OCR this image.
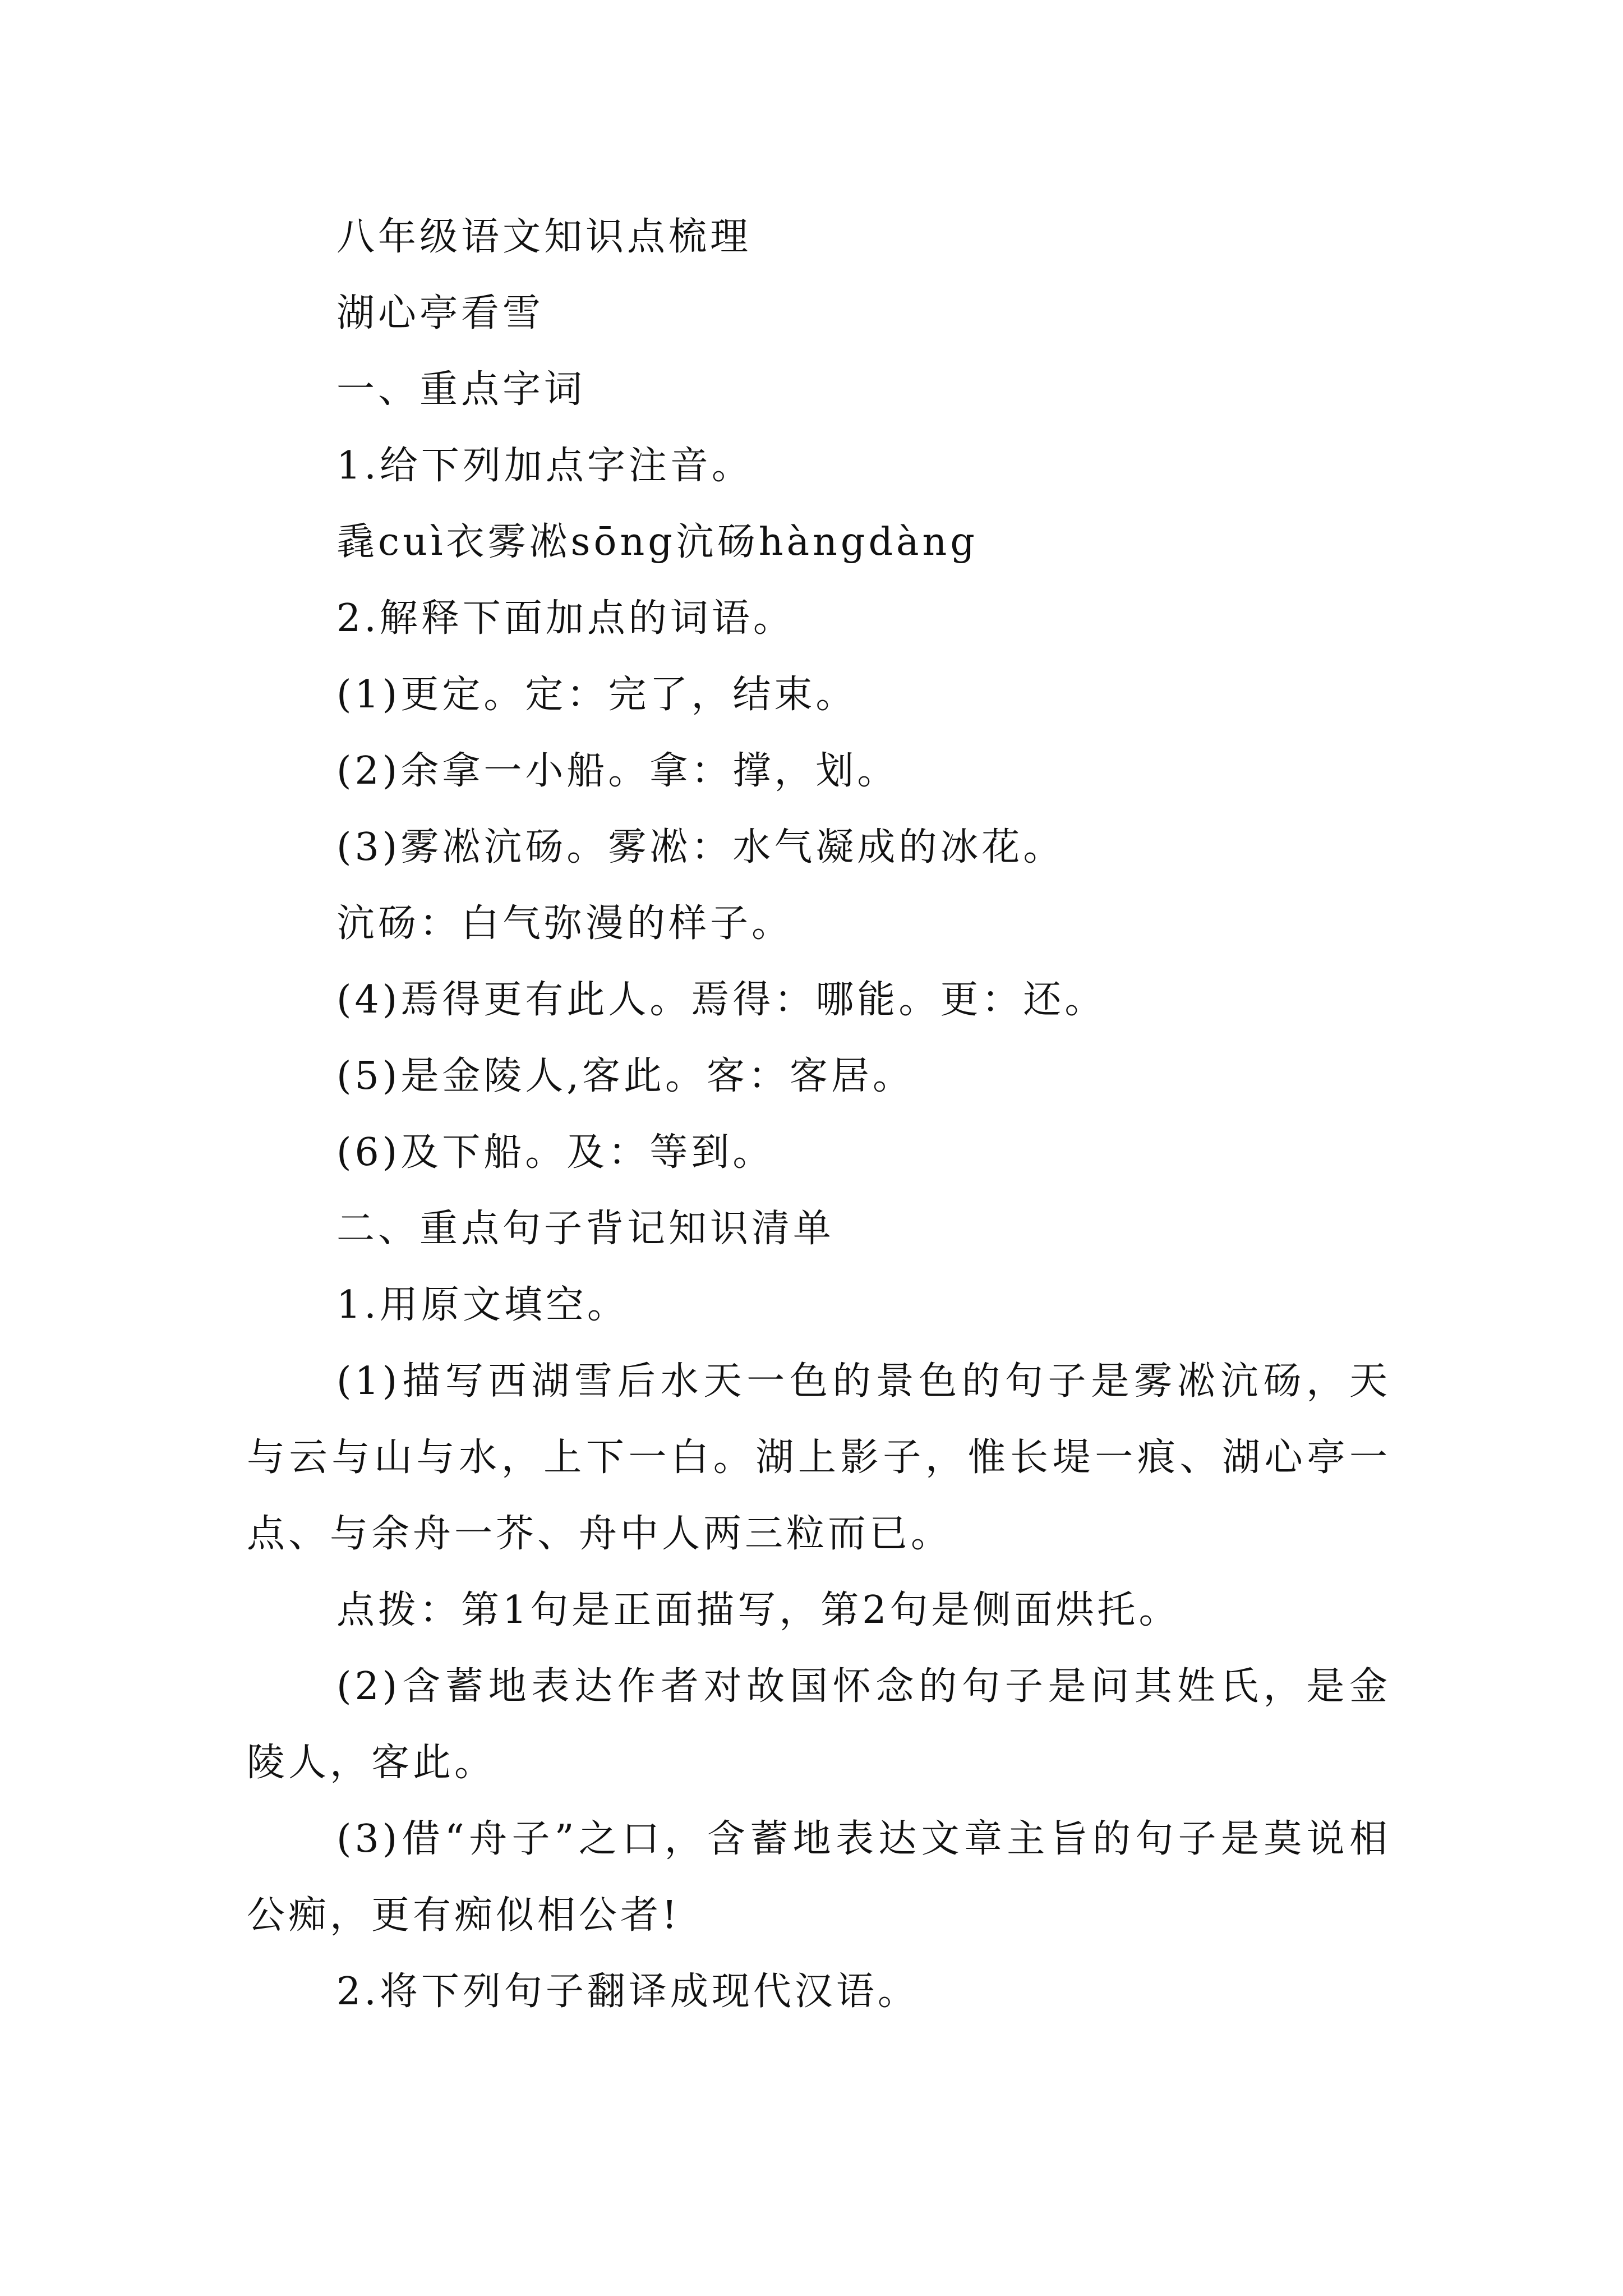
八年级语文知识点梳理
湖心亭看雪
一、重点字词
1.给下列加点字注音。
毳cuì衣雾凇sōng沆砀hàngdàng
2.解释下面加点的词语。
(1)更定。定：完了，结束。
(2)余拿一小船。拿：撑，划。
(3)雾凇沆砀。雾凇：水气凝成的冰花。
沆砀：白气弥漫的样子。
(4)焉得更有此人。焉得：哪能。更：还。
(5)是金陵人,客此。客：客居。
(6)及下船。及：等到。
二、重点句子背记知识清单
1.用原文填空。
(1)描写西湖雪后水天一色的景色的句子是雾凇沆砀，天与云与山与水，上下一白。湖上影子，惟长堤一痕、湖心亭一点、与余舟一芥、舟中人两三粒而已。
点拨：第1句是正面描写，第2句是侧面烘托。
(2)含蓄地表达作者对故国怀念的句子是问其姓氏，是金陵人，客此。
(3)借“舟子”之口，含蓄地表达文章主旨的句子是莫说相公痴，更有痴似相公者!
2.将下列句子翻译成现代汉语。
